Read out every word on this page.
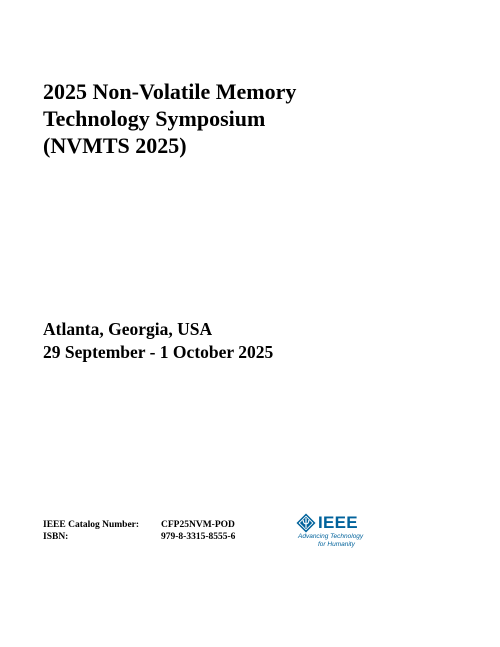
2025 Non-Volatile Memory
Technology Symposium
(NVMTS 2025)
Atlanta, Georgia, USA
29 September - 1 October 2025
IEEE Catalog Number:	CFP25NVM-POD
ISBN:	979-8-3315-8555-6
IEEE
Advancing Technology
for Humanity
